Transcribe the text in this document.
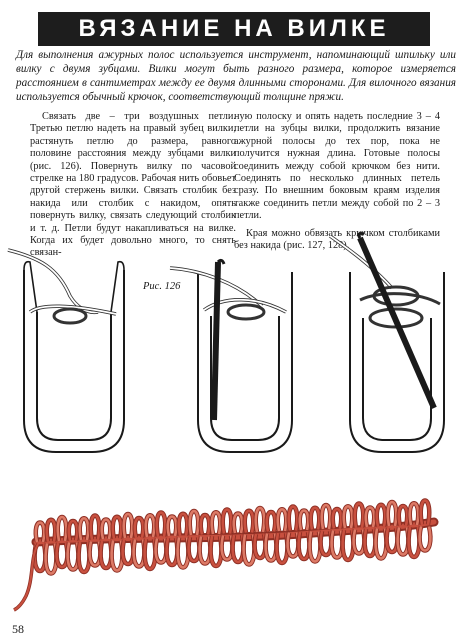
ВЯЗАНИЕ НА ВИЛКЕ
Для выполнения ажурных полос используется инструмент, напоминающий шпильку или вилку с двумя зубцами. Вилки могут быть разного размера, которое измеряется расстоянием в сантиметрах между ее двумя длинными сторонами. Для вилочного вязания используется обычный крючок, соответствующий толщине пряжи.

Связать две – три воздушных петли. Третью петлю надеть на правый зубец вилки, растянуть петлю до размера, равного половине расстояния между зубцами вилки (рис. 126). Повернуть вилку по часовой стрелке на 180 градусов. Рабочая нить обовьет другой стержень вилки. Связать столбик без накида или столбик с накидом, опять повернуть вилку, связать следующий столбик и т. д. Петли будут накапливаться на вилке. Когда их будет довольно много, то снять связан-

ную полоску и опять надеть последние 3 – 4 петли на зубцы вилки, продолжить вязание ажурной полосы до тех пор, пока не получится нужная длина. Готовые полосы соединить между собой крючком без нити. Соединять по несколько длинных петель сразу. По внешним боковым краям изделия также соединить петли между собой по 2 – 3 петли.

Края можно обвязать крючком столбиками без накида (рис. 127, 128).

Рис. 126
58
